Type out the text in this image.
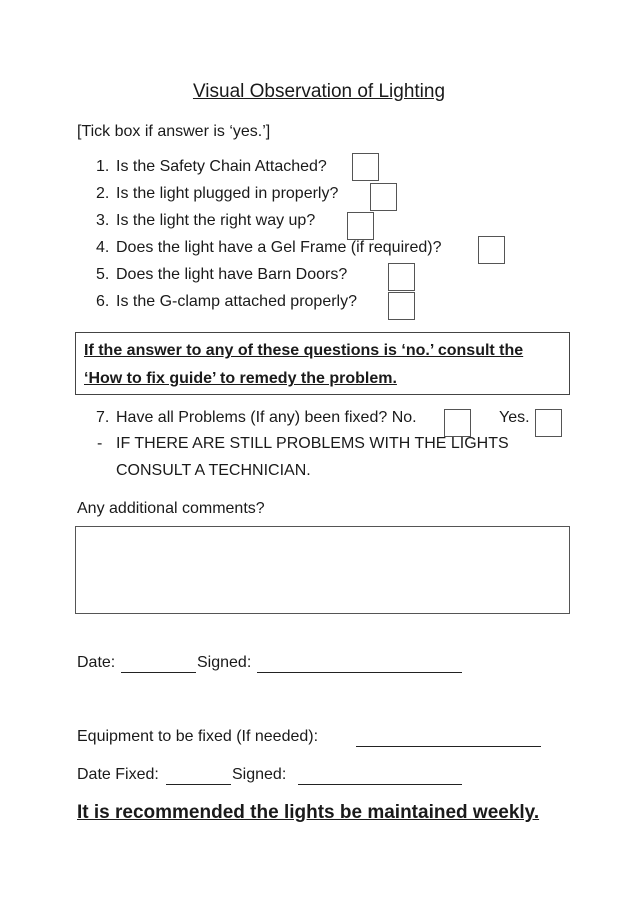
Visual Observation of Lighting
[Tick box if answer is ‘yes.’]
1. Is the Safety Chain Attached?
2. Is the light plugged in properly?
3. Is the light the right way up?
4. Does the light have a Gel Frame (if required)?
5. Does the light have Barn Doors?
6. Is the G-clamp attached properly?
If the answer to any of these questions is ‘no.’ consult the
‘How to fix guide’ to remedy the problem.
7. Have all Problems (If any) been fixed? No.	Yes.
- IF THERE ARE STILL PROBLEMS WITH THE LIGHTS
CONSULT A TECHNICIAN.
Any additional comments?
Date:	Signed:
Equipment to be fixed (If needed):
Date Fixed:	Signed:
It is recommended the lights be maintained weekly.
